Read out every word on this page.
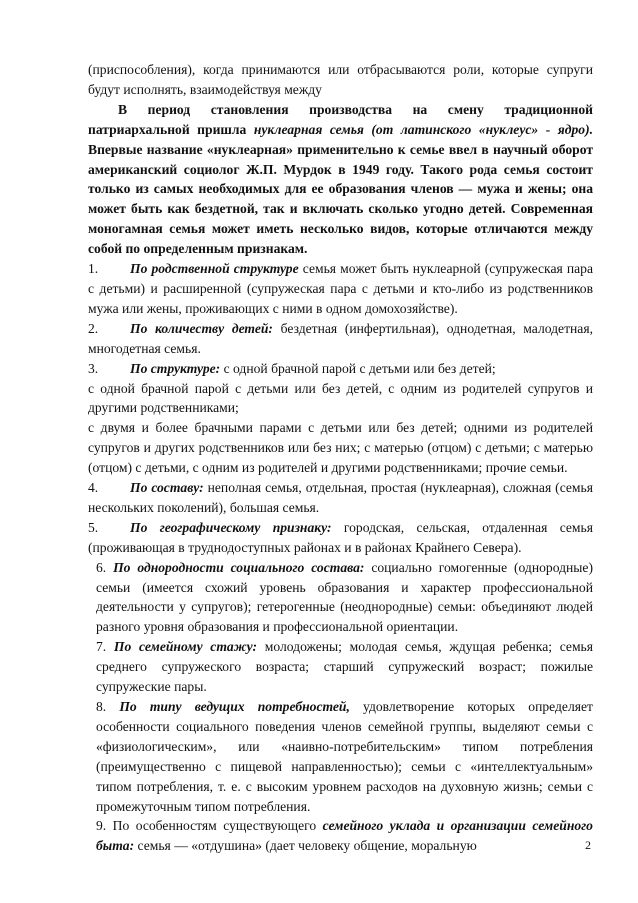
(приспособления), когда принимаются или отбрасываются роли, которые супруги будут исполнять, взаимодействуя между

В период становления производства на смену традиционной патриархальной пришла нуклеарная семья (от латинского «нуклеус» - ядро). Впервые название «нуклеарная» применительно к семье ввел в научный оборот американский социолог Ж.П. Мурдок в 1949 году. Такого рода семья состоит только из самых необходимых для ее образования членов — мужа и жены; она может быть как бездетной, так и включать сколько угодно детей. Современная моногамная семья может иметь несколько видов, которые отличаются между собой по определенным признакам.

1. По родственной структуре семья может быть нуклеарной (супружеская пара с детьми) и расширенной (супружеская пара с детьми и кто-либо из родственников мужа или жены, проживающих с ними в одном домохозяйстве).

2. По количеству детей: бездетная (инфертильная), однодетная, малодетная, многодетная семья.

3. По структуре: с одной брачной парой с детьми или без детей;

с одной брачной парой с детьми или без детей, с одним из родителей супругов и другими родственниками;

с двумя и более брачными парами с детьми или без детей; одними из родителей супругов и других родственников или без них; с матерью (отцом) с детьми; с матерью (отцом) с детьми, с одним из родителей и другими родственниками; прочие семьи.

4. По составу: неполная семья, отдельная, простая (нуклеарная), сложная (семья нескольких поколений), большая семья.

5. По географическому признаку: городская, сельская, отдаленная семья (проживающая в труднодоступных районах и в районах Крайнего Севера).

6. По однородности социального состава: социально гомогенные (однородные) семьи (имеется схожий уровень образования и характер профессиональной деятельности у супругов); гетерогенные (неоднородные) семьи: объединяют людей разного уровня образования и профессиональной ориентации.

7. По семейному стажу: молодожены; молодая семья, ждущая ребенка; семья среднего супружеского возраста; старший супружеский возраст; пожилые супружеские пары.

8. По типу ведущих потребностей, удовлетворение которых определяет особенности социального поведения членов семейной группы, выделяют семьи с «физиологическим», или «наивно-потребительским» типом потребления (преимущественно с пищевой направленностью); семьи с «интеллектуальным» типом потребления, т. е. с высоким уровнем расходов на духовную жизнь; семьи с промежуточным типом потребления.

9. По особенностям существующего семейного уклада и организации семейного быта: семья — «отдушина» (дает человеку общение, моральную	2
